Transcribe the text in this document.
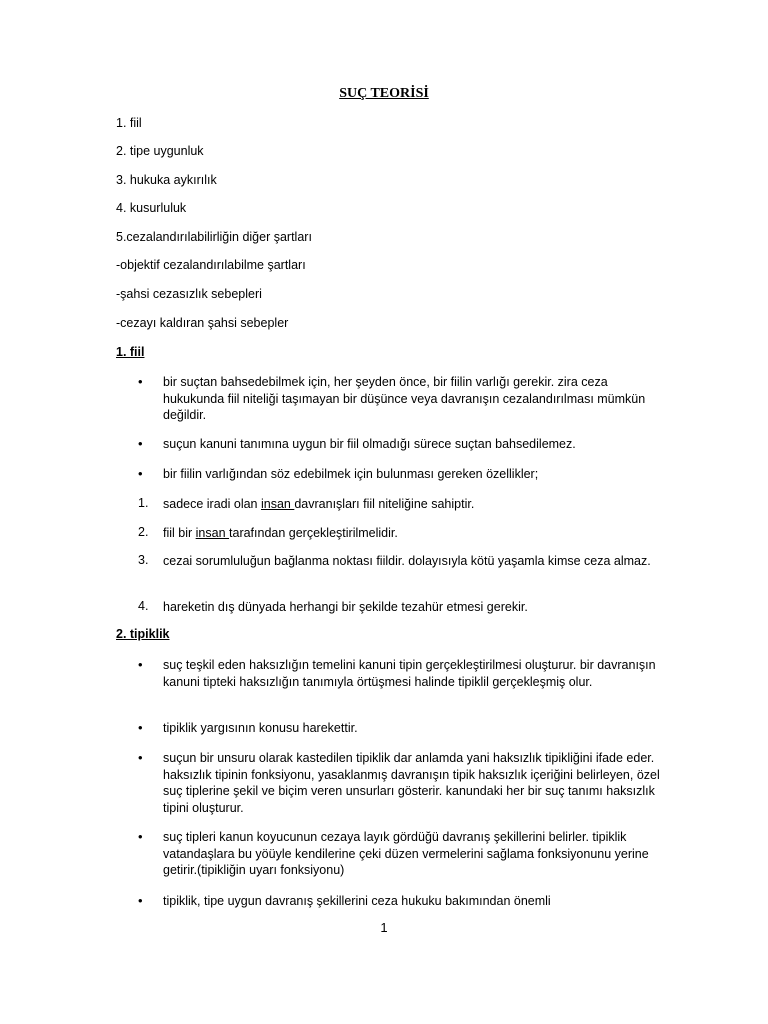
SUÇ TEORİSİ
1. fiil
2. tipe uygunluk
3. hukuka aykırılık
4. kusurluluk
5.cezalandırılabilirliğin diğer şartları
-objektif cezalandırılabilme şartları
-şahsi cezasızlık sebepleri
-cezayı kaldıran şahsi sebepler
1. fiil
•	bir suçtan bahsedebilmek için, her şeyden önce, bir fiilin varlığı gerekir. zira ceza hukukunda fiil niteliği taşımayan bir düşünce veya davranışın cezalandırılması mümkün değildir.
•	suçun kanuni tanımına uygun bir fiil olmadığı sürece suçtan bahsedilemez.
•	bir fiilin varlığından söz edebilmek için bulunması gereken özellikler;
1.	sadece iradi olan insan davranışları fiil niteliğine sahiptir.
2.	fiil bir insan tarafından gerçekleştirilmelidir.
3.	cezai sorumluluğun bağlanma noktası fiildir. dolayısıyla kötü yaşamla kimse ceza almaz.
4.	hareketin dış dünyada herhangi bir şekilde tezahür etmesi gerekir.
2. tipiklik
•	suç teşkil eden haksızlığın temelini kanuni tipin gerçekleştirilmesi oluşturur. bir davranışın kanuni tipteki haksızlığın tanımıyla örtüşmesi halinde tipiklil gerçekleşmiş olur.
•	tipiklik yargısının konusu harekettir.
•	suçun bir unsuru olarak kastedilen tipiklik dar anlamda yani haksızlık tipikliğini ifade eder. haksızlık tipinin fonksiyonu, yasaklanmış davranışın tipik haksızlık içeriğini belirleyen, özel suç tiplerine şekil ve biçim veren unsurları gösterir. kanundaki her bir suç tanımı haksızlık tipini oluşturur.
•	suç tipleri kanun koyucunun cezaya layık gördüğü davranış şekillerini belirler. tipiklik vatandaşlara bu yöüyle kendilerine çeki düzen vermelerini sağlama fonksiyonunu yerine getirir.(tipikliğin uyarı fonksiyonu)
•	tipiklik, tipe uygun davranış şekillerini ceza hukuku bakımından önemli
1
